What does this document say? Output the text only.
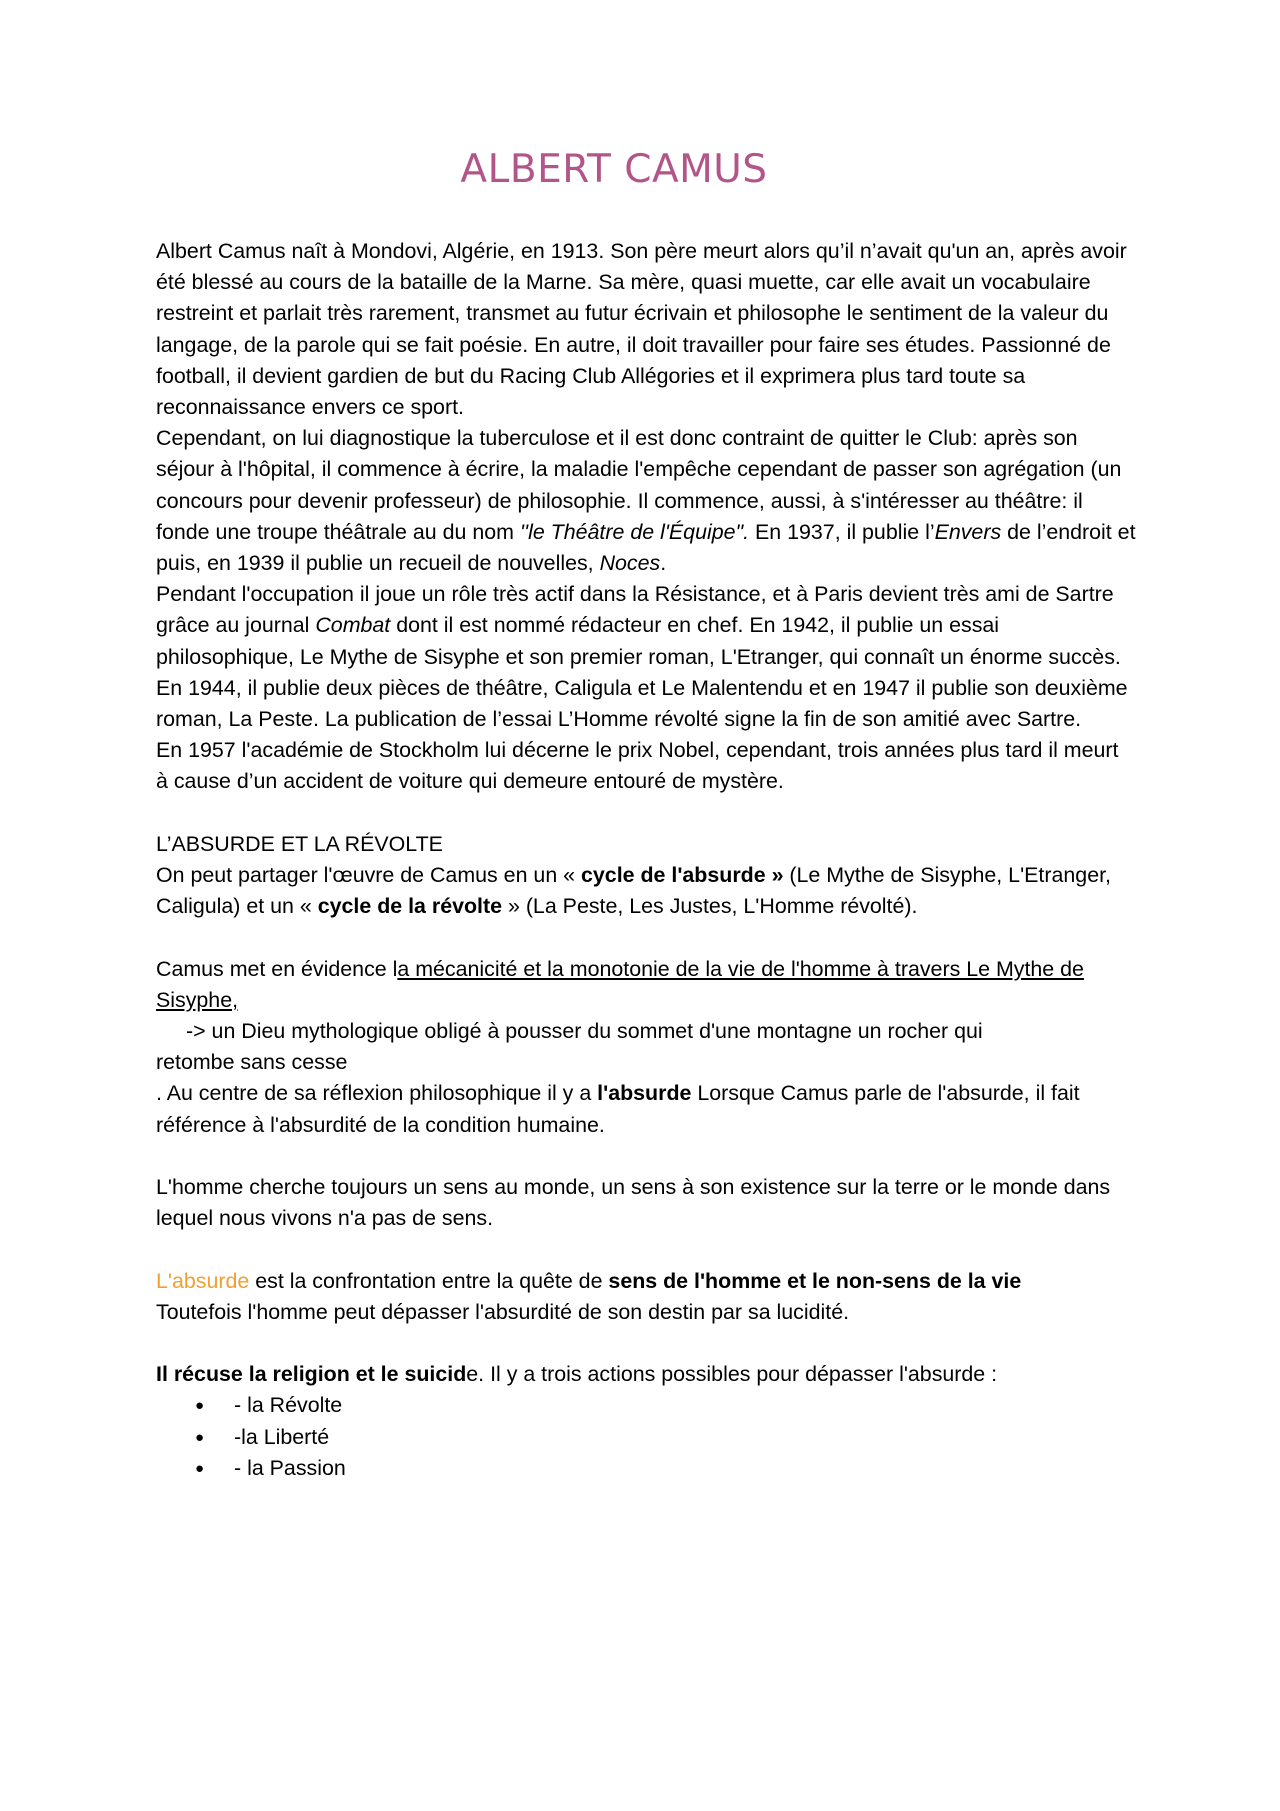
ALBERT CAMUS

Albert Camus naît à Mondovi, Algérie, en 1913. Son père meurt alors qu’il n’avait qu'un an, après avoir été blessé au cours de la bataille de la Marne. Sa mère, quasi muette, car elle avait un vocabulaire restreint et parlait très rarement, transmet au futur écrivain et philosophe le sentiment de la valeur du langage, de la parole qui se fait poésie. En autre, il doit travailler pour faire ses études. Passionné de football, il devient gardien de but du Racing Club Allégories et il exprimera plus tard toute sa reconnaissance envers ce sport.

Cependant, on lui diagnostique la tuberculose et il est donc contraint de quitter le Club: après son séjour à l'hôpital, il commence à écrire, la maladie l'empêche cependant de passer son agrégation (un concours pour devenir professeur) de philosophie. Il commence, aussi, à s'intéresser au théâtre: il fonde une troupe théâtrale au du nom ''le Théâtre de l'Équipe". En 1937, il publie l’Envers de l’endroit et puis, en 1939 il publie un recueil de nouvelles, Noces.

Pendant l'occupation il joue un rôle très actif dans la Résistance, et à Paris devient très ami de Sartre grâce au journal Combat dont il est nommé rédacteur en chef. En 1942, il publie un essai philosophique, Le Mythe de Sisyphe et son premier roman, L'Etranger, qui connaît un énorme succès. En 1944, il publie deux pièces de théâtre, Caligula et Le Malentendu et en 1947 il publie son deuxième roman, La Peste. La publication de l’essai L’Homme révolté signe la fin de son amitié avec Sartre.

En 1957 l'académie de Stockholm lui décerne le prix Nobel, cependant, trois années plus tard il meurt à cause d’un accident de voiture qui demeure entouré de mystère.

L’ABSURDE ET LA RÉVOLTE

On peut partager l'œuvre de Camus en un « cycle de l'absurde » (Le Mythe de Sisyphe, L'Etranger, Caligula) et un « cycle de la révolte » (La Peste, Les Justes, L'Homme révolté).

Camus met en évidence la mécanicité et la monotonie de la vie de l'homme à travers Le Mythe de Sisyphe,

-> un Dieu mythologique obligé à pousser du sommet d'une montagne un rocher qui

retombe sans cesse

. Au centre de sa réflexion philosophique il y a l'absurde Lorsque Camus parle de l'absurde, il fait référence à l'absurdité de la condition humaine.

L'homme cherche toujours un sens au monde, un sens à son existence sur la terre or le monde dans lequel nous vivons n'a pas de sens.

L'absurde est la confrontation entre la quête de sens de l'homme et le non-sens de la vie

Toutefois l'homme peut dépasser l'absurdité de son destin par sa lucidité.

Il récuse la religion et le suicide. Il y a trois actions possibles pour dépasser l'absurde :

● - la Révolte
● -la Liberté
● - la Passion
